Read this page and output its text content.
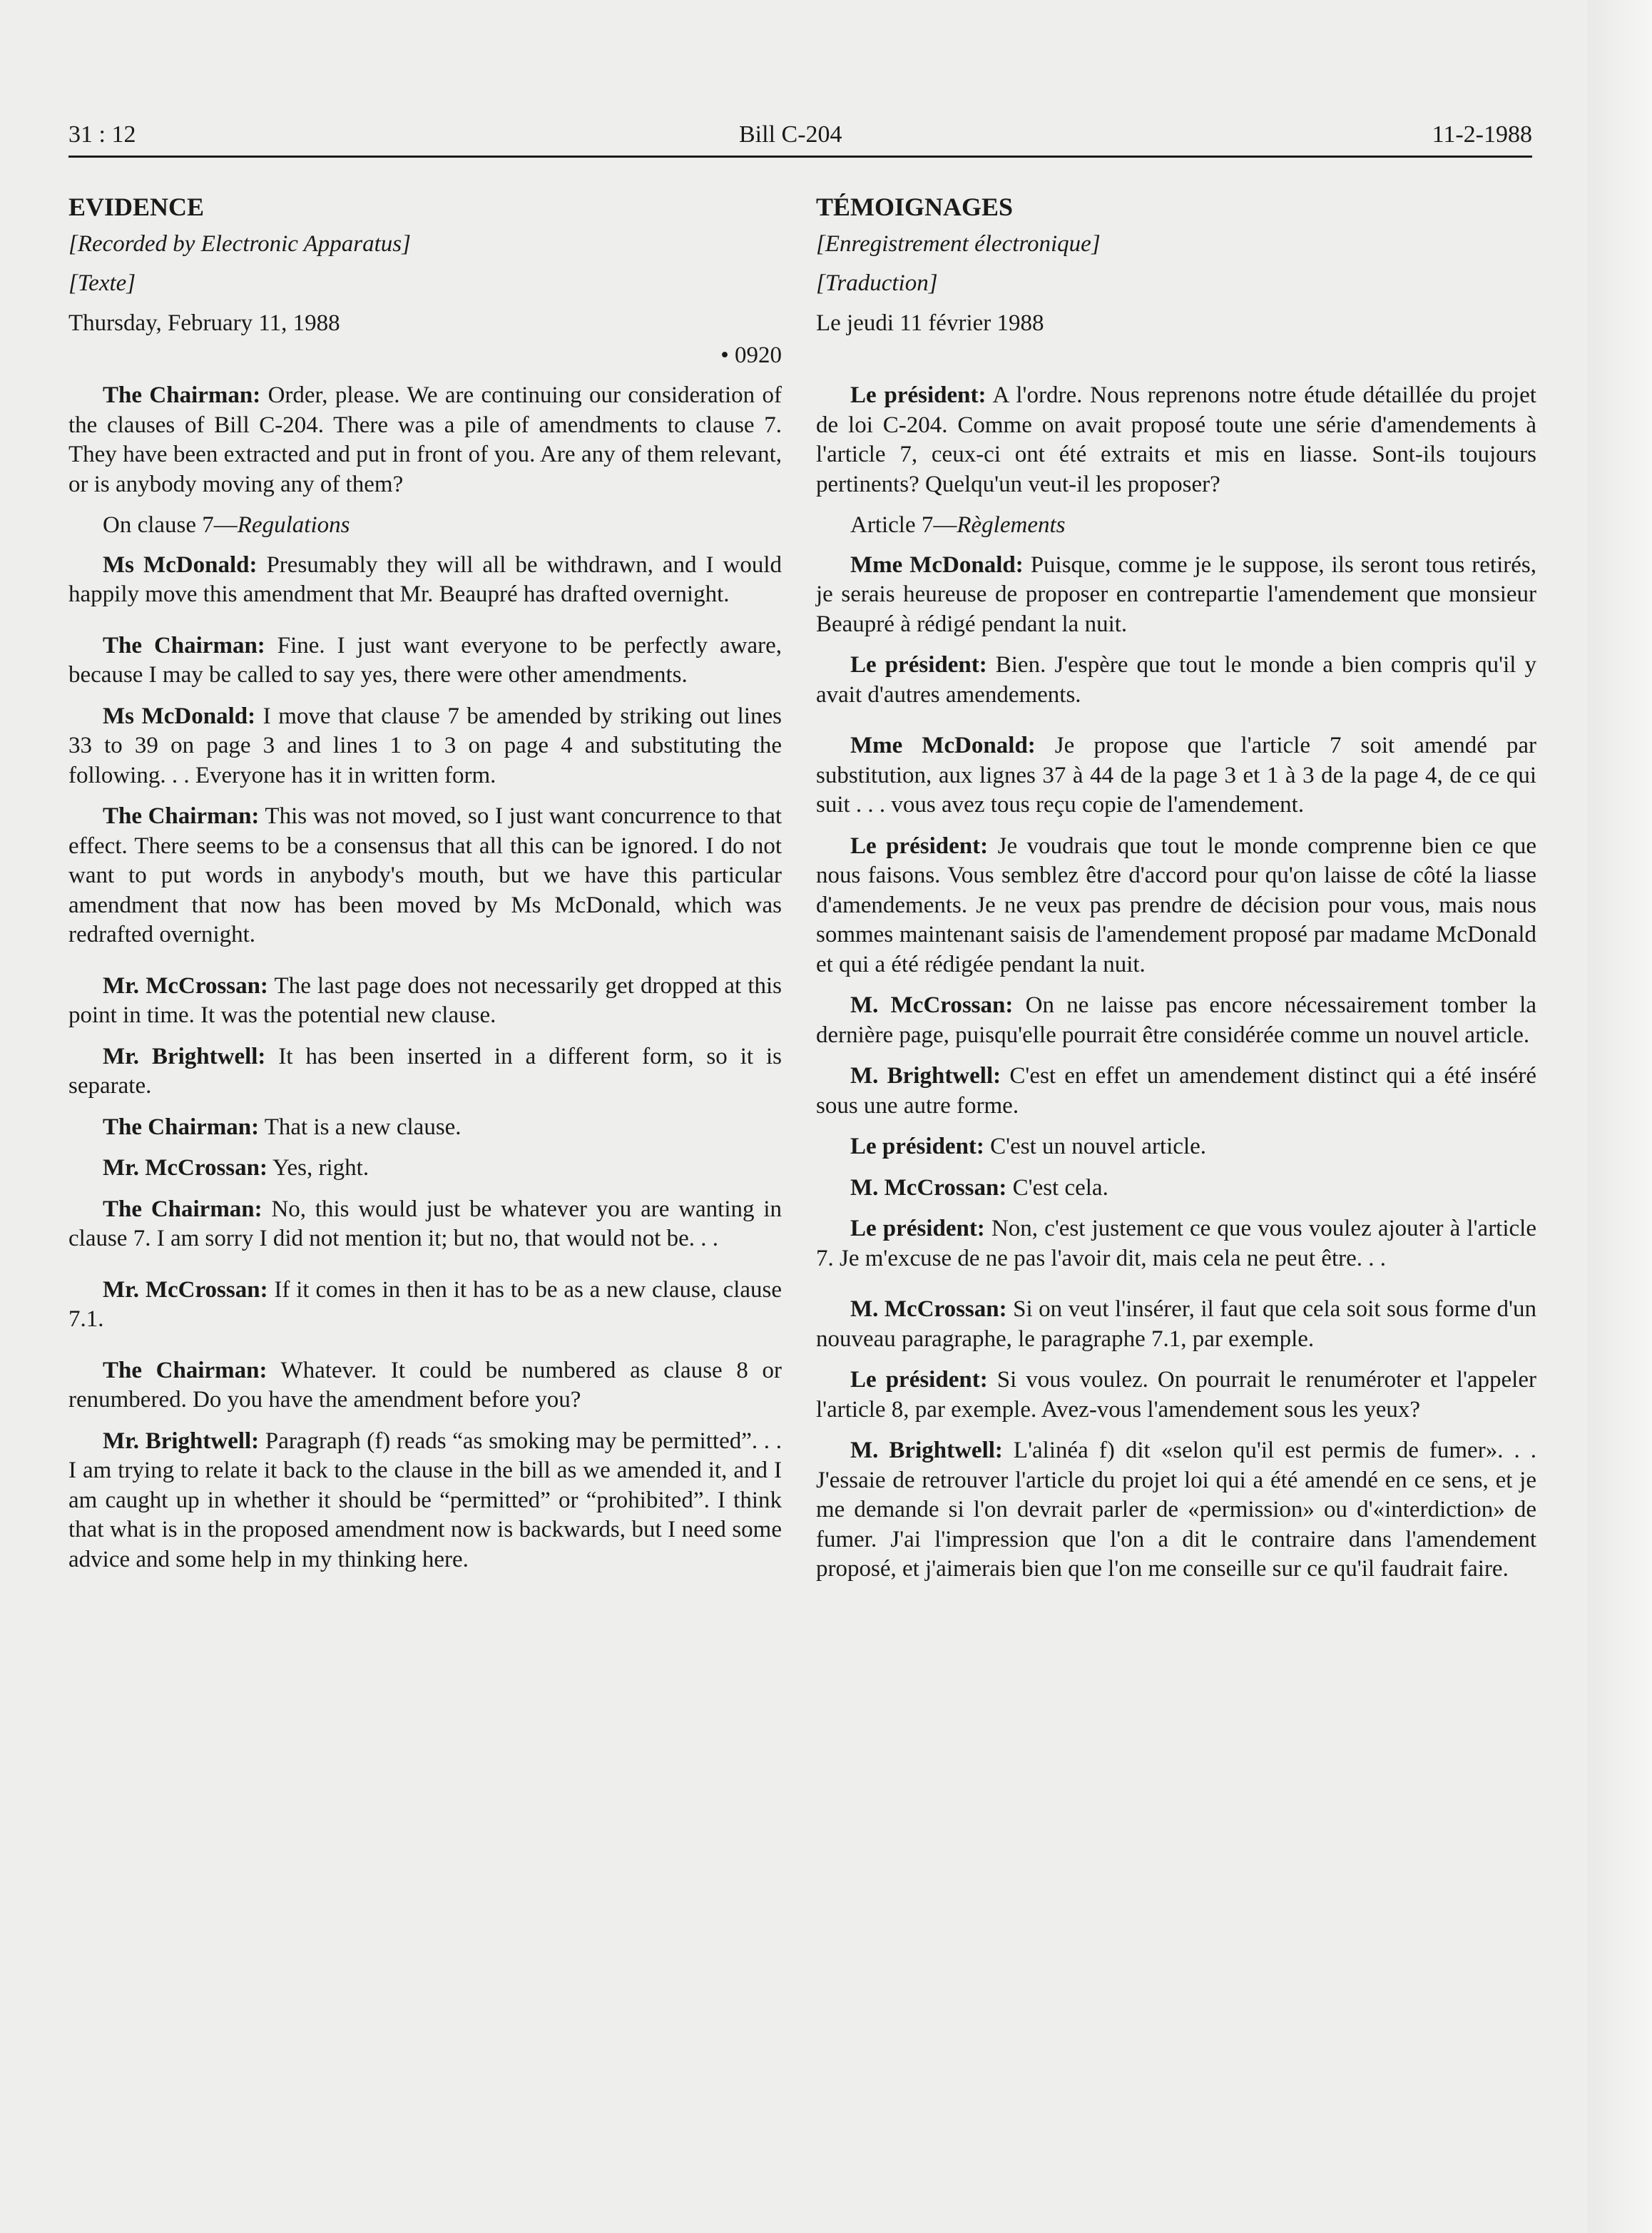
31 : 12	Bill C-204	11-2-1988
EVIDENCE
[Recorded by Electronic Apparatus]
[Texte]
Thursday, February 11, 1988
• 0920

The Chairman: Order, please. We are continuing our consideration of the clauses of Bill C-204. There was a pile of amendments to clause 7. They have been extracted and put in front of you. Are any of them relevant, or is anybody moving any of them?

On clause 7—Regulations

Ms McDonald: Presumably they will all be withdrawn, and I would happily move this amendment that Mr. Beaupré has drafted overnight.

The Chairman: Fine. I just want everyone to be perfectly aware, because I may be called to say yes, there were other amendments.

Ms McDonald: I move that clause 7 be amended by striking out lines 33 to 39 on page 3 and lines 1 to 3 on page 4 and substituting the following. . . Everyone has it in written form.

The Chairman: This was not moved, so I just want concurrence to that effect. There seems to be a consensus that all this can be ignored. I do not want to put words in anybody's mouth, but we have this particular amendment that now has been moved by Ms McDonald, which was redrafted overnight.

Mr. McCrossan: The last page does not necessarily get dropped at this point in time. It was the potential new clause.

Mr. Brightwell: It has been inserted in a different form, so it is separate.

The Chairman: That is a new clause.

Mr. McCrossan: Yes, right.

The Chairman: No, this would just be whatever you are wanting in clause 7. I am sorry I did not mention it; but no, that would not be. . .

Mr. McCrossan: If it comes in then it has to be as a new clause, clause 7.1.

The Chairman: Whatever. It could be numbered as clause 8 or renumbered. Do you have the amendment before you?

Mr. Brightwell: Paragraph (f) reads “as smoking may be permitted”. . . I am trying to relate it back to the clause in the bill as we amended it, and I am caught up in whether it should be “permitted” or “prohibited”. I think that what is in the proposed amendment now is backwards, but I need some advice and some help in my thinking here.

TÉMOIGNAGES
[Enregistrement électronique]
[Traduction]
Le jeudi 11 février 1988

Le président: A l'ordre. Nous reprenons notre étude détaillée du projet de loi C-204. Comme on avait proposé toute une série d'amendements à l'article 7, ceux-ci ont été extraits et mis en liasse. Sont-ils toujours pertinents? Quelqu'un veut-il les proposer?

Article 7—Règlements

Mme McDonald: Puisque, comme je le suppose, ils seront tous retirés, je serais heureuse de proposer en contrepartie l'amendement que monsieur Beaupré à rédigé pendant la nuit.

Le président: Bien. J'espère que tout le monde a bien compris qu'il y avait d'autres amendements.

Mme McDonald: Je propose que l'article 7 soit amendé par substitution, aux lignes 37 à 44 de la page 3 et 1 à 3 de la page 4, de ce qui suit . . . vous avez tous reçu copie de l'amendement.

Le président: Je voudrais que tout le monde comprenne bien ce que nous faisons. Vous semblez être d'accord pour qu'on laisse de côté la liasse d'amendements. Je ne veux pas prendre de décision pour vous, mais nous sommes maintenant saisis de l'amendement proposé par madame McDonald et qui a été rédigée pendant la nuit.

M. McCrossan: On ne laisse pas encore nécessairement tomber la dernière page, puisqu'elle pourrait être considérée comme un nouvel article.

M. Brightwell: C'est en effet un amendement distinct qui a été inséré sous une autre forme.

Le président: C'est un nouvel article.

M. McCrossan: C'est cela.

Le président: Non, c'est justement ce que vous voulez ajouter à l'article 7. Je m'excuse de ne pas l'avoir dit, mais cela ne peut être. . .

M. McCrossan: Si on veut l'insérer, il faut que cela soit sous forme d'un nouveau paragraphe, le paragraphe 7.1, par exemple.

Le président: Si vous voulez. On pourrait le renuméroter et l'appeler l'article 8, par exemple. Avez-vous l'amendement sous les yeux?

M. Brightwell: L'alinéa f) dit «selon qu'il est permis de fumer». . . J'essaie de retrouver l'article du projet loi qui a été amendé en ce sens, et je me demande si l'on devrait parler de «permission» ou d'«interdiction» de fumer. J'ai l'impression que l'on a dit le contraire dans l'amendement proposé, et j'aimerais bien que l'on me conseille sur ce qu'il faudrait faire.
